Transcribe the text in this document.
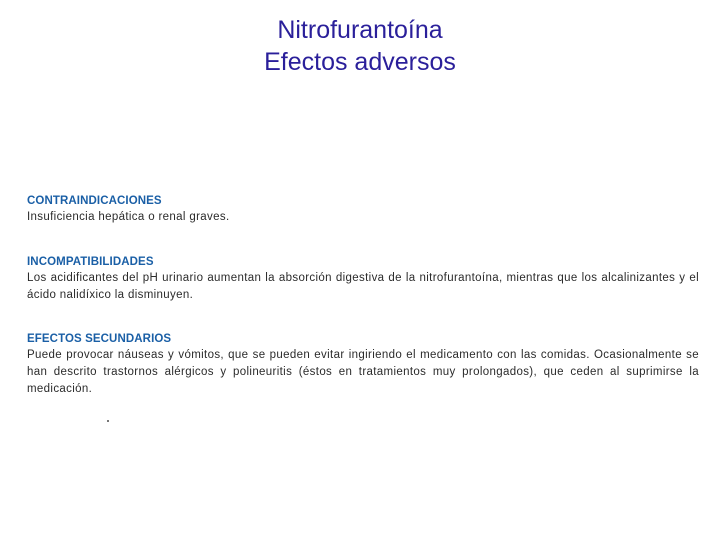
Nitrofurantoína
Efectos adversos
CONTRAINDICACIONES
Insuficiencia hepática o renal graves.
INCOMPATIBILIDADES
Los acidificantes del pH urinario aumentan la absorción digestiva de la nitrofurantoína, mientras que los alcalinizantes y el ácido nalidíxico la disminuyen.
EFECTOS SECUNDARIOS
Puede provocar náuseas y vómitos, que se pueden evitar ingiriendo el medicamento con las comidas. Ocasionalmente se han descrito trastornos alérgicos y polineuritis (éstos en tratamientos muy prolongados), que ceden al suprimirse la medicación.
